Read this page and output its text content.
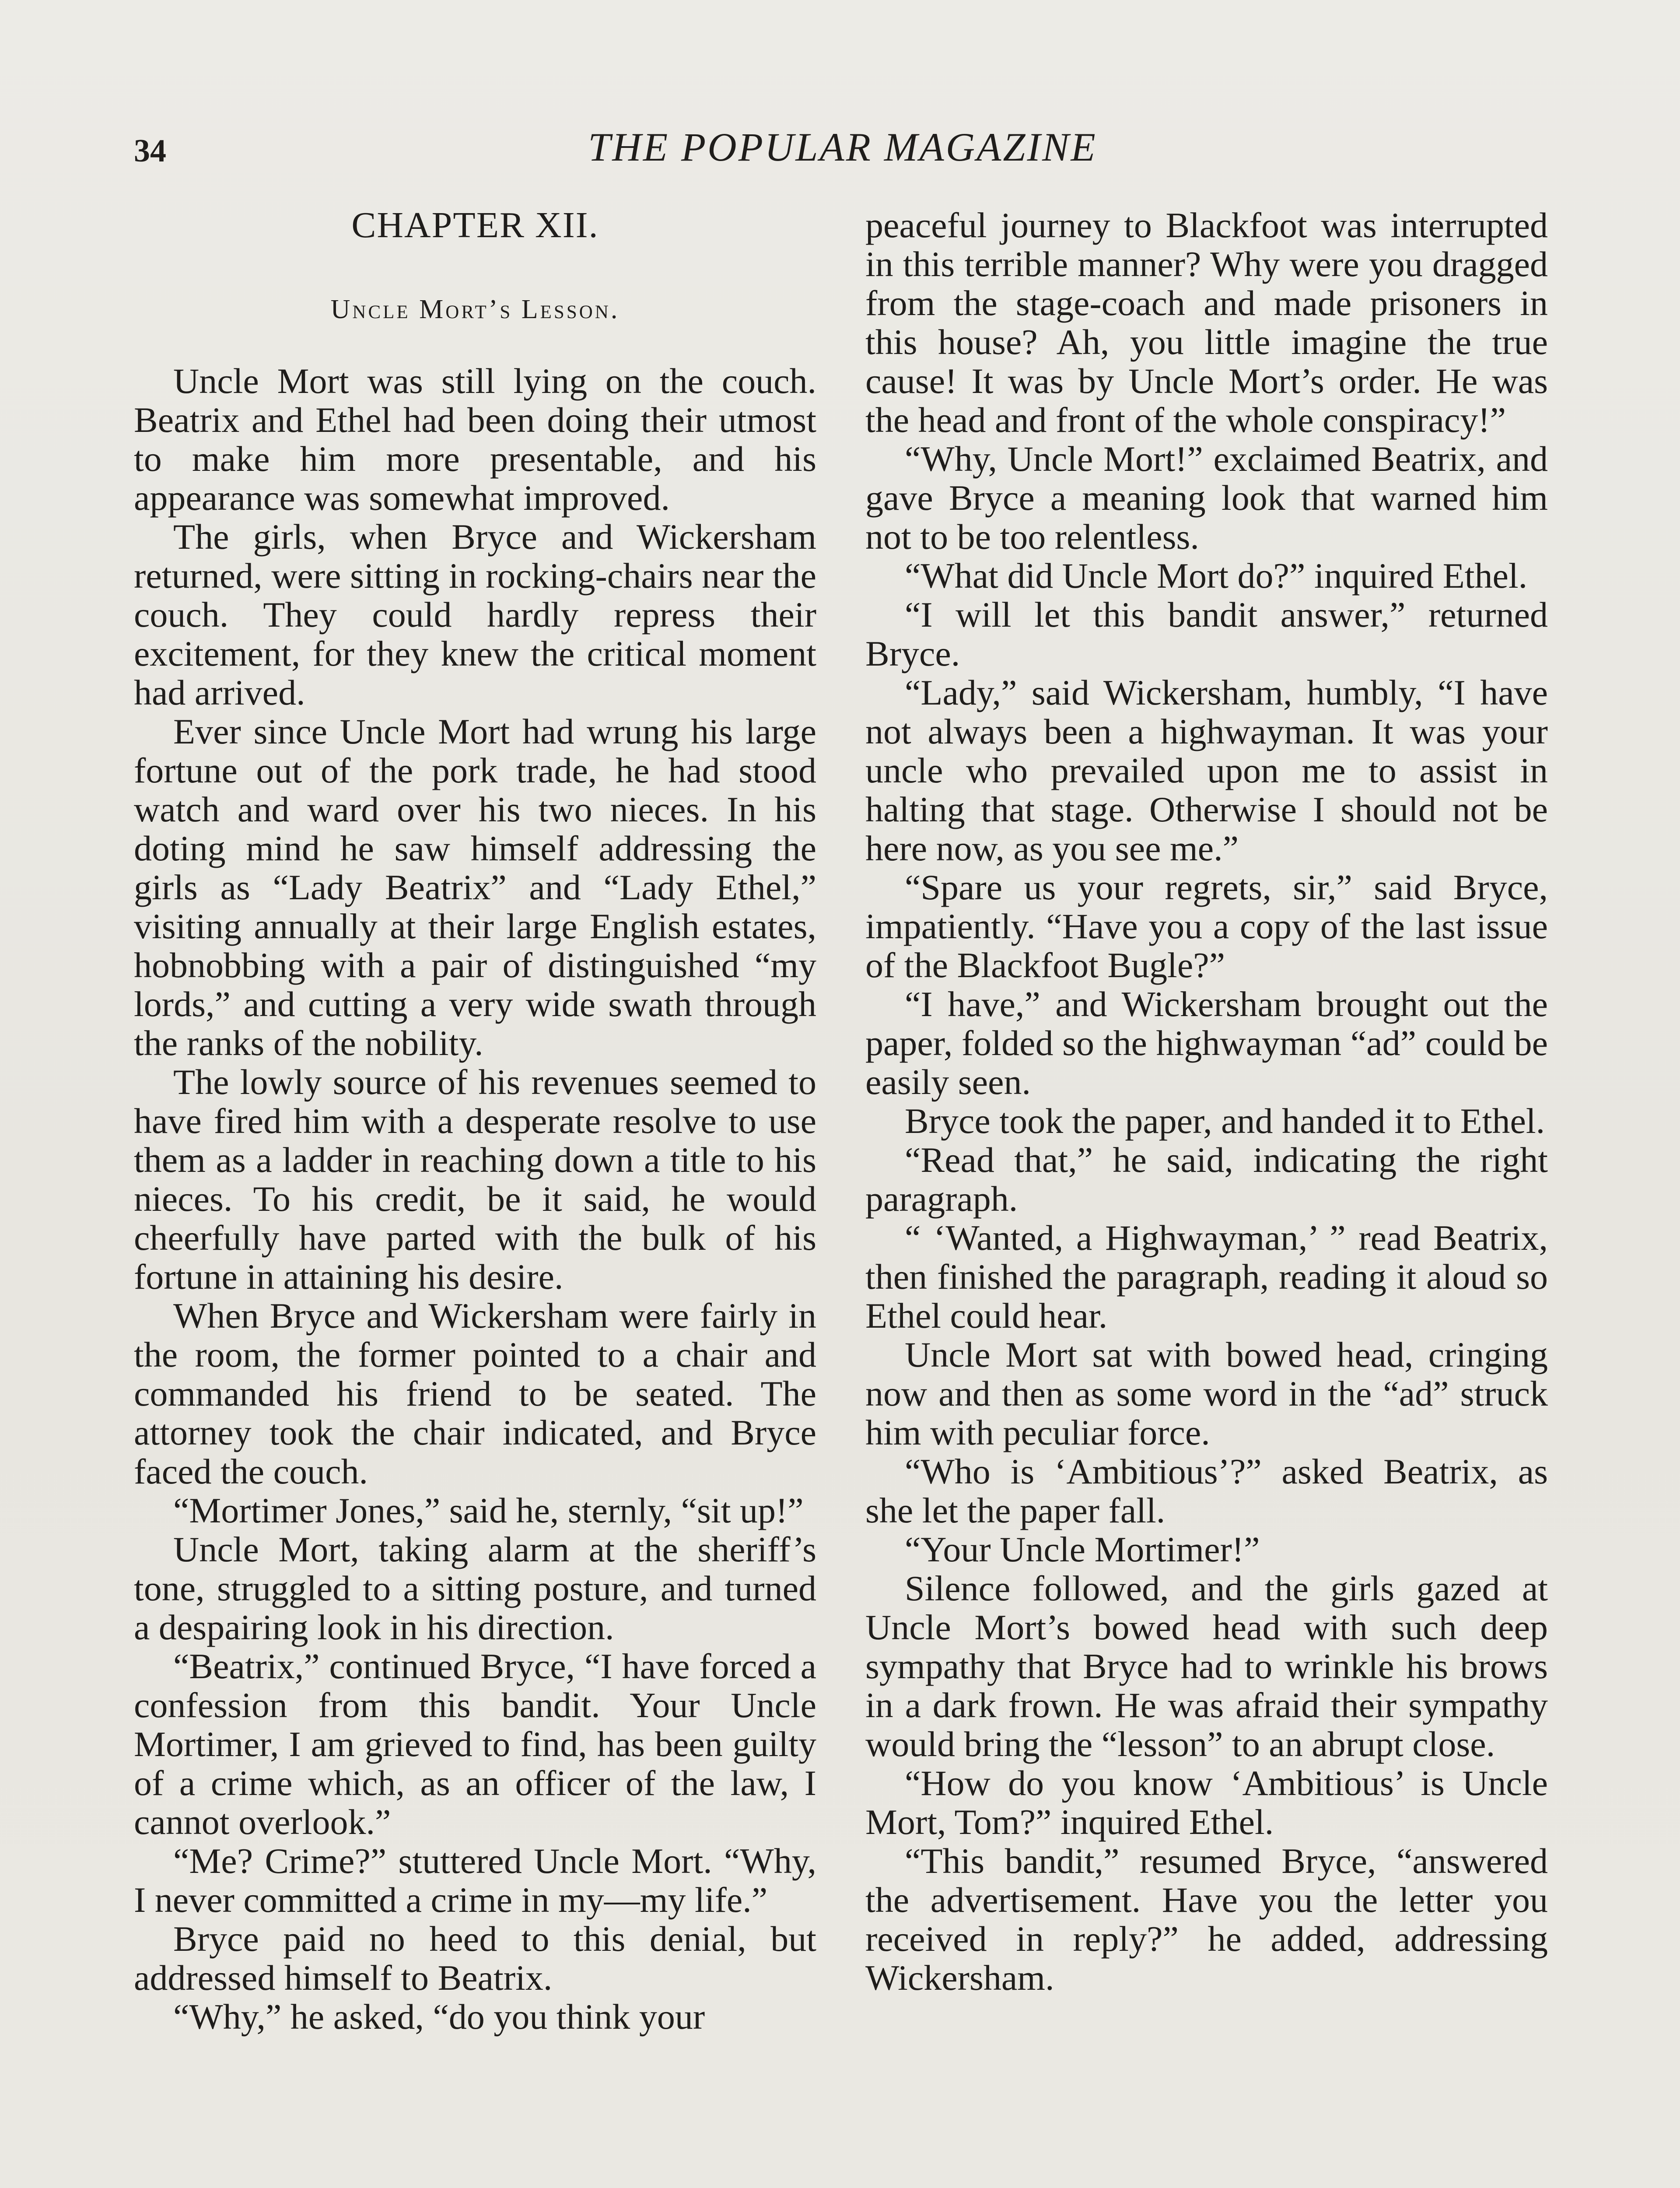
34	THE POPULAR MAGAZINE
CHAPTER XII.
Uncle Mort’s Lesson.

Uncle Mort was still lying on the couch. Beatrix and Ethel had been doing their utmost to make him more presentable, and his appearance was somewhat improved.

The girls, when Bryce and Wickersham returned, were sitting in rocking-chairs near the couch. They could hardly repress their excitement, for they knew the critical moment had arrived.

Ever since Uncle Mort had wrung his large fortune out of the pork trade, he had stood watch and ward over his two nieces. In his doting mind he saw himself addressing the girls as “Lady Beatrix” and “Lady Ethel,” visiting annually at their large English estates, hobnobbing with a pair of distinguished “my lords,” and cutting a very wide swath through the ranks of the nobility.

The lowly source of his revenues seemed to have fired him with a desperate resolve to use them as a ladder in reaching down a title to his nieces. To his credit, be it said, he would cheerfully have parted with the bulk of his fortune in attaining his desire.

When Bryce and Wickersham were fairly in the room, the former pointed to a chair and commanded his friend to be seated. The attorney took the chair indicated, and Bryce faced the couch.

“Mortimer Jones,” said he, sternly, “sit up!”

Uncle Mort, taking alarm at the sheriff’s tone, struggled to a sitting posture, and turned a despairing look in his direction.

“Beatrix,” continued Bryce, “I have forced a confession from this bandit. Your Uncle Mortimer, I am grieved to find, has been guilty of a crime which, as an officer of the law, I cannot overlook.”

“Me? Crime?” stuttered Uncle Mort. “Why, I never committed a crime in my—my life.”

Bryce paid no heed to this denial, but addressed himself to Beatrix.

“Why,” he asked, “do you think your

peaceful journey to Blackfoot was interrupted in this terrible manner? Why were you dragged from the stage-coach and made prisoners in this house? Ah, you little imagine the true cause! It was by Uncle Mort’s order. He was the head and front of the whole conspiracy!”

“Why, Uncle Mort!” exclaimed Beatrix, and gave Bryce a meaning look that warned him not to be too relentless.

“What did Uncle Mort do?” inquired Ethel.

“I will let this bandit answer,” returned Bryce.

“Lady,” said Wickersham, humbly, “I have not always been a highwayman. It was your uncle who prevailed upon me to assist in halting that stage. Otherwise I should not be here now, as you see me.”

“Spare us your regrets, sir,” said Bryce, impatiently. “Have you a copy of the last issue of the Blackfoot Bugle?”

“I have,” and Wickersham brought out the paper, folded so the highwayman “ad” could be easily seen.

Bryce took the paper, and handed it to Ethel.

“Read that,” he said, indicating the right paragraph.

“ ‘Wanted, a Highwayman,’ ” read Beatrix, then finished the paragraph, reading it aloud so Ethel could hear.

Uncle Mort sat with bowed head, cringing now and then as some word in the “ad” struck him with peculiar force.

“Who is ‘Ambitious’?” asked Beatrix, as she let the paper fall.

“Your Uncle Mortimer!”

Silence followed, and the girls gazed at Uncle Mort’s bowed head with such deep sympathy that Bryce had to wrinkle his brows in a dark frown. He was afraid their sympathy would bring the “lesson” to an abrupt close.

“How do you know ‘Ambitious’ is Uncle Mort, Tom?” inquired Ethel.

“This bandit,” resumed Bryce, “answered the advertisement. Have you the letter you received in reply?” he added, addressing Wickersham.
